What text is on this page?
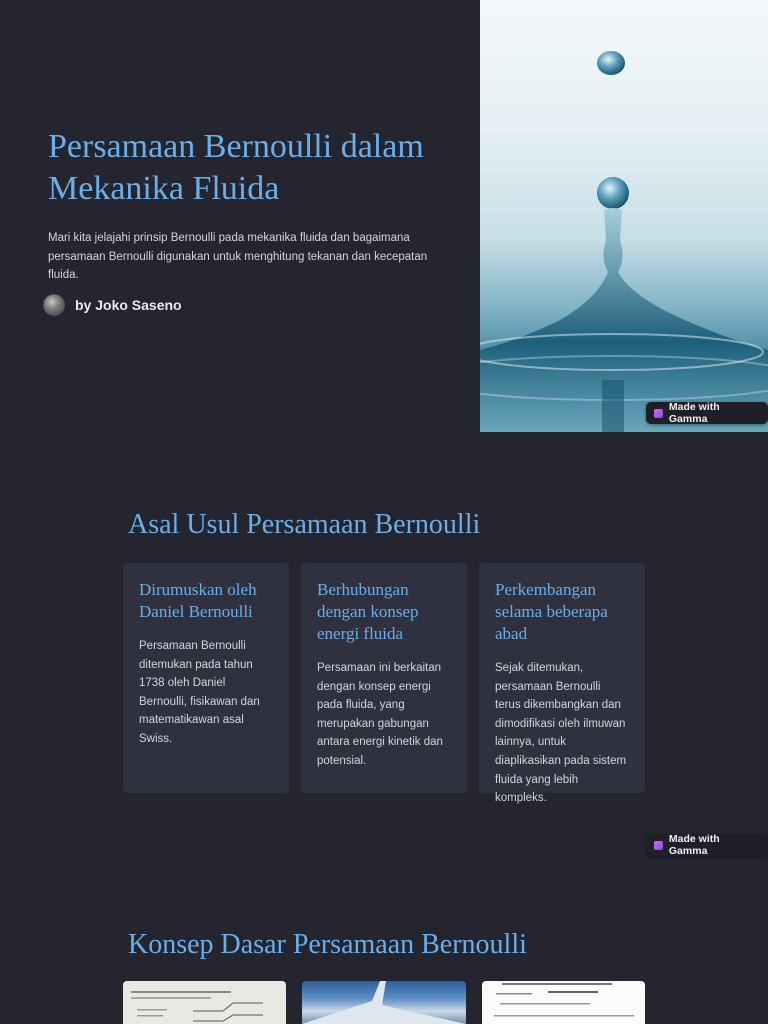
Persamaan Bernoulli dalam Mekanika Fluida

Mari kita jelajahi prinsip Bernoulli pada mekanika fluida dan bagaimana persamaan Bernoulli digunakan untuk menghitung tekanan dan kecepatan fluida.

by Joko Saseno
Made with Gamma
Asal Usul Persamaan Bernoulli
Dirumuskan oleh Daniel Bernoulli

Persamaan Bernoulli ditemukan pada tahun 1738 oleh Daniel Bernoulli, fisikawan dan matematikawan asal Swiss.

Berhubungan dengan konsep energi fluida

Persamaan ini berkaitan dengan konsep energi pada fluida, yang merupakan gabungan antara energi kinetik dan potensial.

Perkembangan selama beberapa abad

Sejak ditemukan, persamaan Bernoulli terus dikembangkan dan dimodifikasi oleh ilmuwan lainnya, untuk diaplikasikan pada sistem fluida yang lebih kompleks.

Made with Gamma
Konsep Dasar Persamaan Bernoulli
